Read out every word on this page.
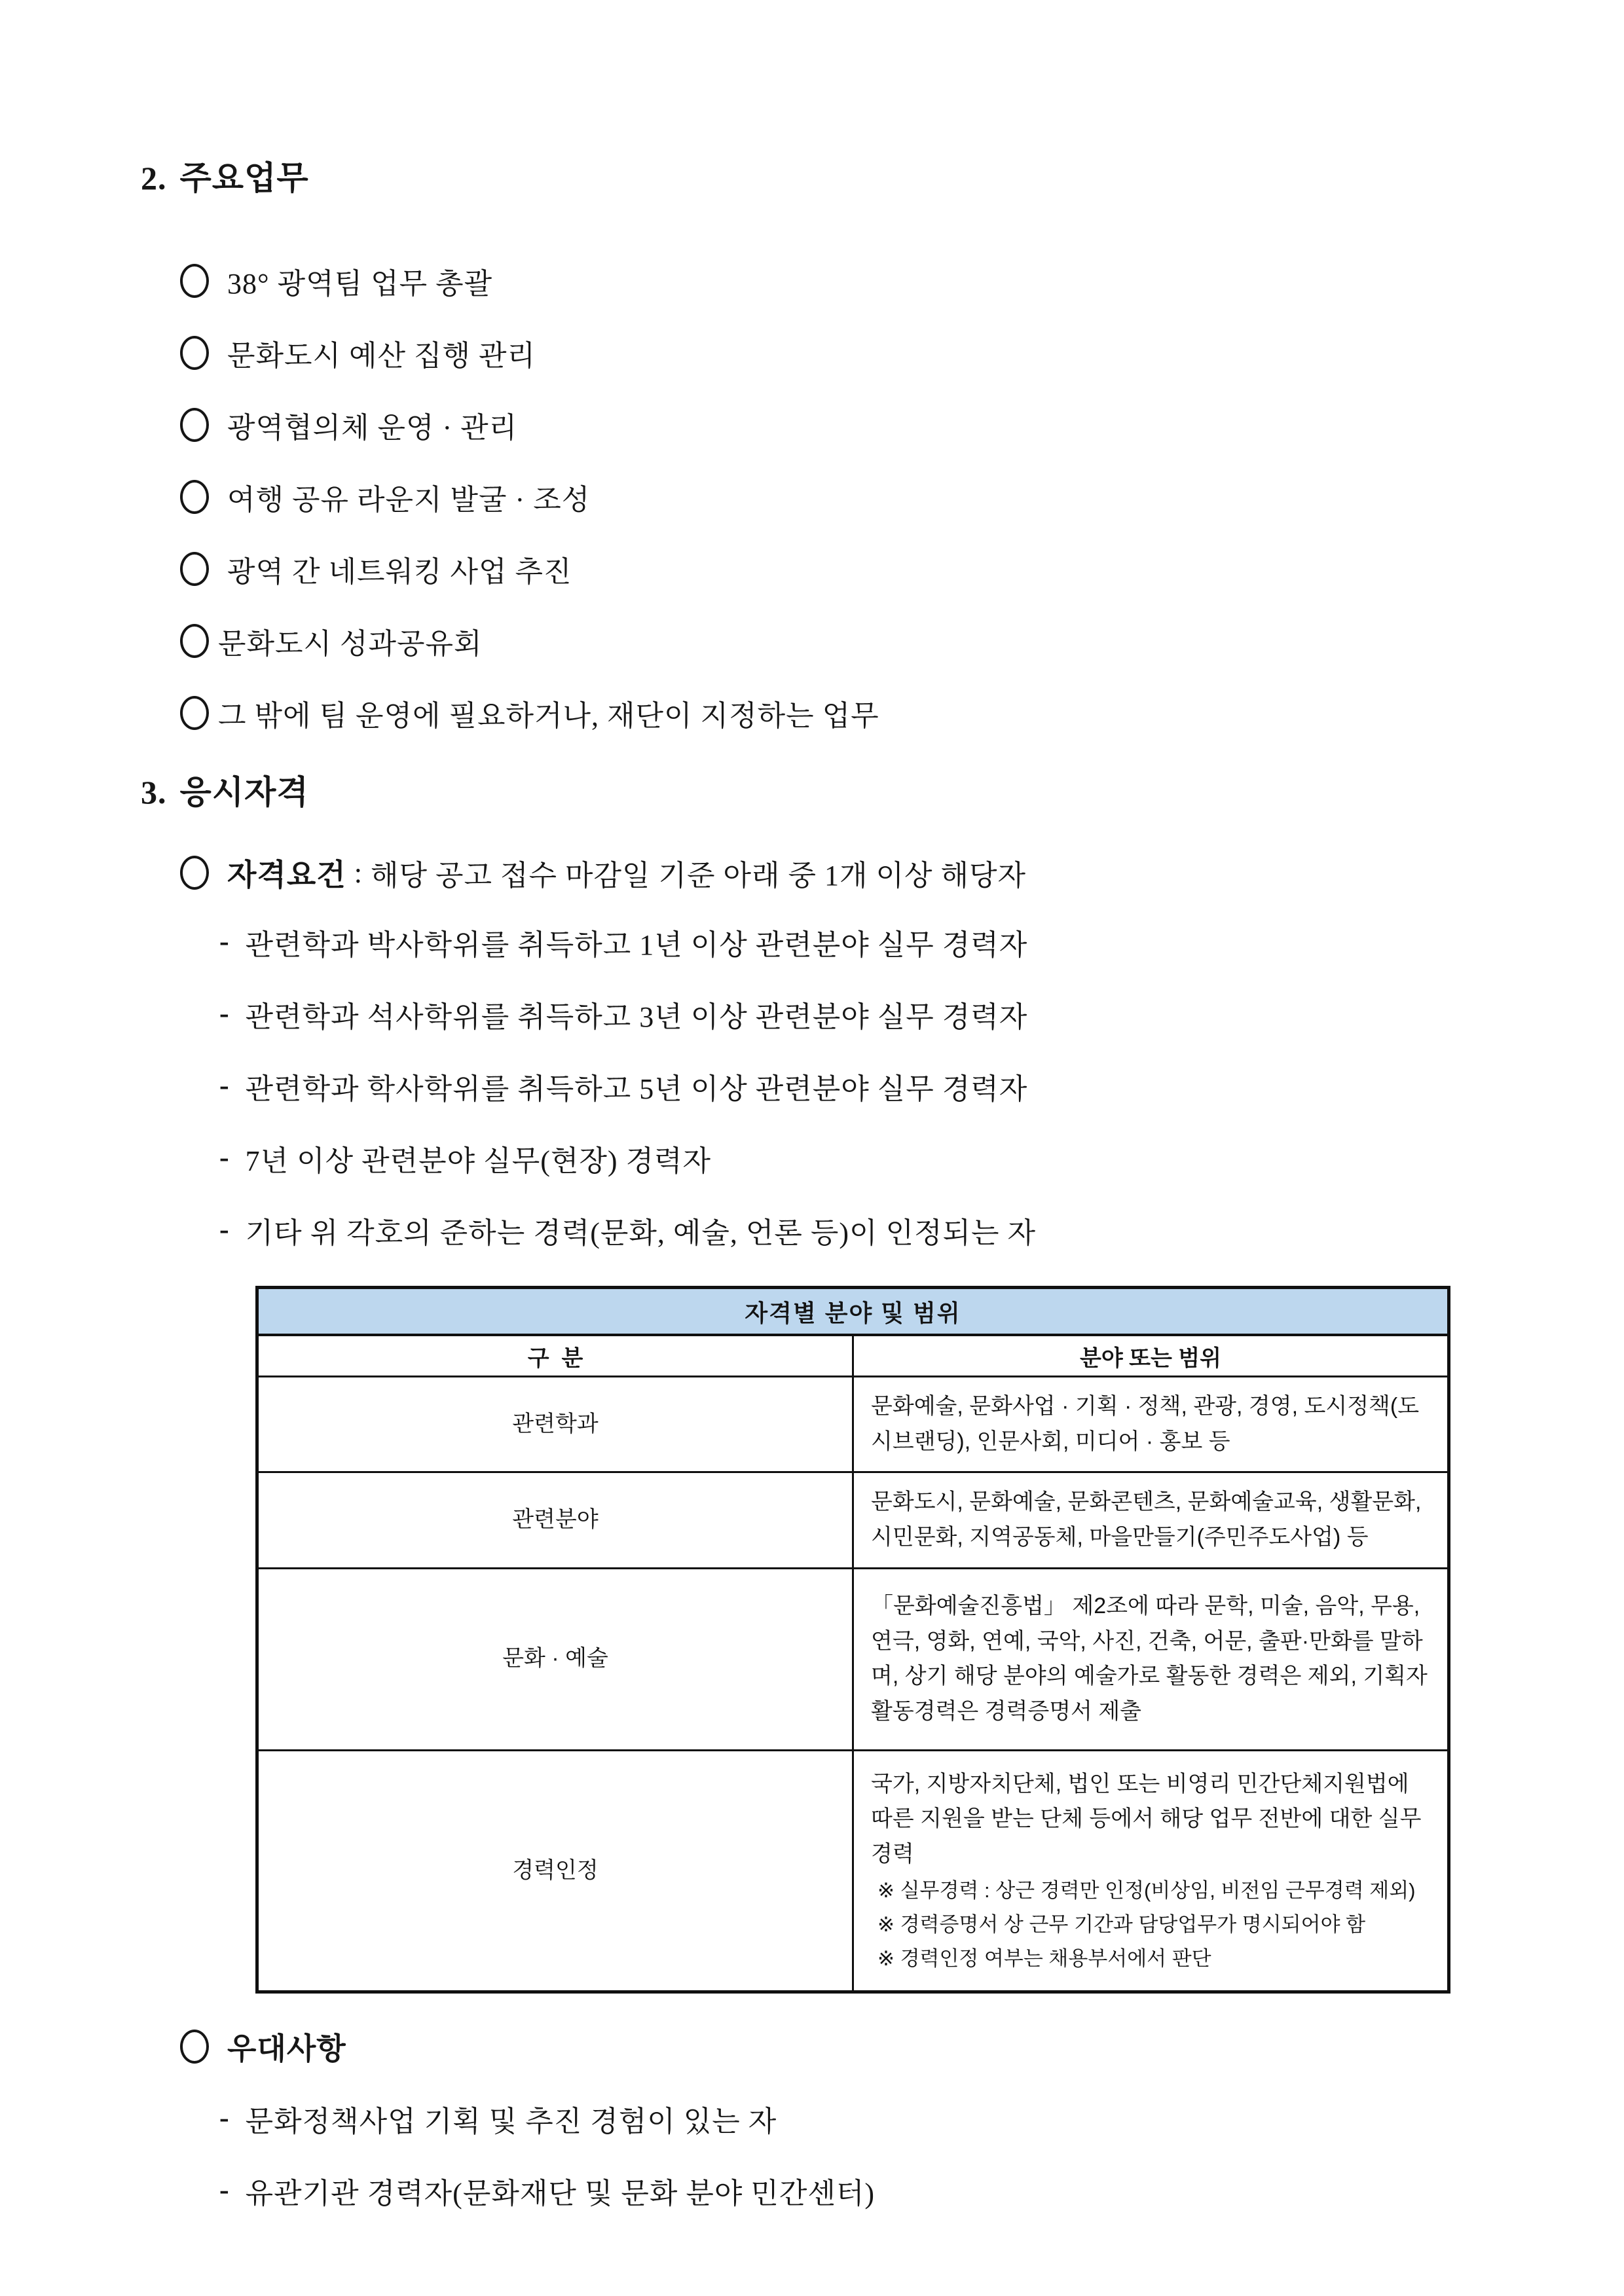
2. 주요업무
38° 광역팀 업무 총괄
문화도시 예산 집행 관리
광역협의체 운영 · 관리
여행 공유 라운지 발굴 · 조성
광역 간 네트워킹 사업 추진
문화도시 성과공유회
그 밖에 팀 운영에 필요하거나, 재단이 지정하는 업무
3. 응시자격
자격요건 : 해당 공고 접수 마감일 기준 아래 중 1개 이상 해당자
- 관련학과 박사학위를 취득하고 1년 이상 관련분야 실무 경력자
- 관련학과 석사학위를 취득하고 3년 이상 관련분야 실무 경력자
- 관련학과 학사학위를 취득하고 5년 이상 관련분야 실무 경력자
- 7년 이상 관련분야 실무(현장) 경력자
- 기타 위 각호의 준하는 경력(문화, 예술, 언론 등)이 인정되는 자
자격별 분야 및 범위	
구  분	분야 또는 범위
관련학과	문화예술, 문화사업 · 기획 · 정책, 관광, 경영, 도시정책(도시브랜딩), 인문사회, 미디어 · 홍보 등
관련분야	문화도시, 문화예술, 문화콘텐츠, 문화예술교육, 생활문화, 시민문화, 지역공동체, 마을만들기(주민주도사업) 등
문화 · 예술	「문화예술진흥법」 제2조에 따라 문학, 미술, 음악, 무용, 연극, 영화, 연예, 국악, 사진, 건축, 어문, 출판·만화를 말하며, 상기 해당 분야의 예술가로 활동한 경력은 제외, 기획자 활동경력은 경력증명서 제출
경력인정	국가, 지방자치단체, 법인 또는 비영리 민간단체지원법에 따른 지원을 받는 단체 등에서 해당 업무 전반에 대한 실무경력
※ 실무경력 : 상근 경력만 인정(비상임, 비전임 근무경력 제외)
※ 경력증명서 상 근무 기간과 담당업무가 명시되어야 함
※ 경력인정 여부는 채용부서에서 판단
우대사항
- 문화정책사업 기획 및 추진 경험이 있는 자
- 유관기관 경력자(문화재단 및 문화 분야 민간센터)
